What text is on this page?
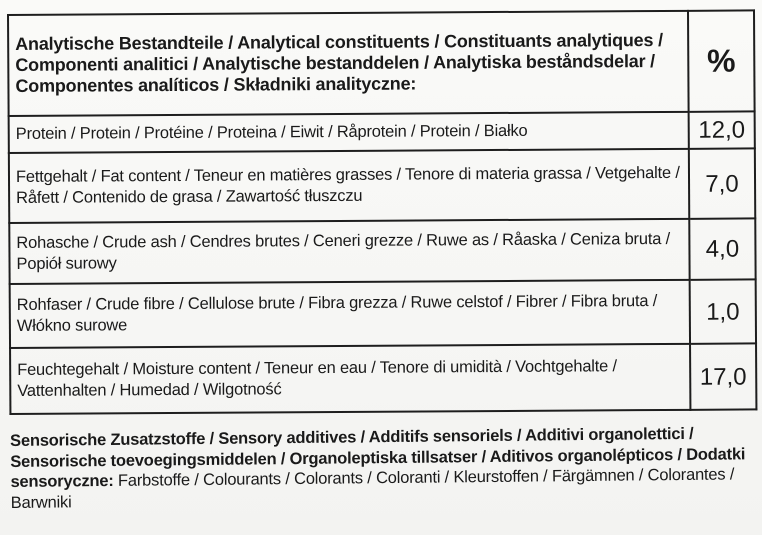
Analytische Bestandteile / Analytical constituents / Constituants analytiques / Componenti analitici / Analytische bestanddelen / Analytiska beståndsdelar / Componentes analíticos / Składniki analityczne:	%
Protein / Protein / Protéine / Proteina / Eiwit / Råprotein / Protein / Białko	12,0
Fettgehalt / Fat content / Teneur en matières grasses / Tenore di materia grassa / Vetgehalte / Råfett / Contenido de grasa / Zawartość tłuszczu	7,0
Rohasche / Crude ash / Cendres brutes / Ceneri grezze / Ruwe as / Råaska / Ceniza bruta / Popiół surowy	4,0
Rohfaser / Crude fibre / Cellulose brute / Fibra grezza / Ruwe celstof / Fibrer / Fibra bruta / Włókno surowe	1,0
Feuchtegehalt / Moisture content / Teneur en eau / Tenore di umidità / Vochtgehalte / Vattenhalten / Humedad / Wilgotność	17,0
Sensorische Zusatzstoffe / Sensory additives / Additifs sensoriels / Additivi organolettici / Sensorische toevoegingsmiddelen / Organoleptiska tillsatser / Aditivos organolépticos / Dodatki sensoryczne: Farbstoffe / Colourants / Colorants / Coloranti / Kleurstoffen / Färgämnen / Colorantes / Barwniki
